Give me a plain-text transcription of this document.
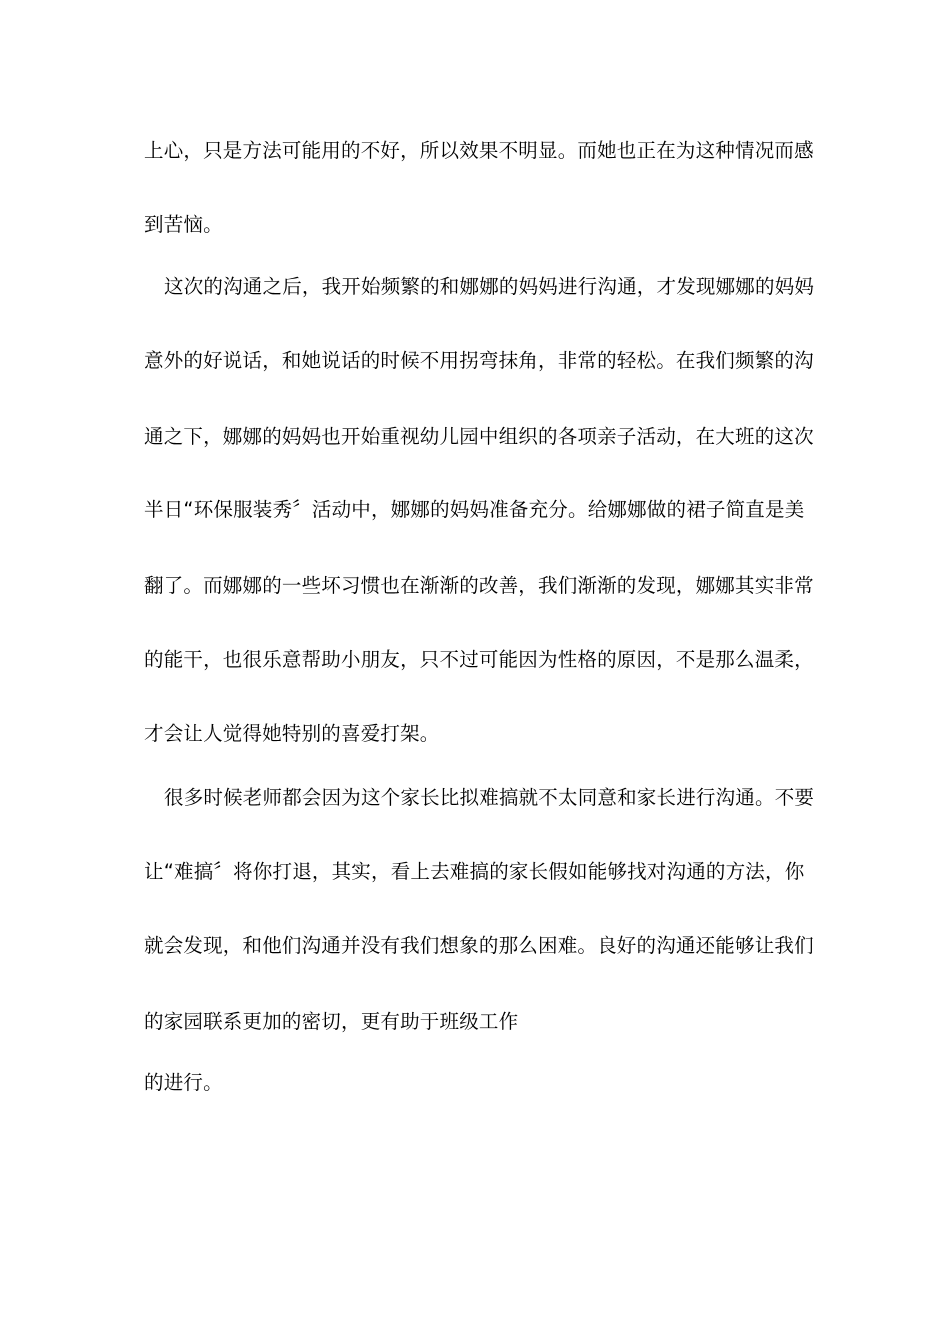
上心，只是方法可能用的不好，所以效果不明显。而她也正在为这种情况而感
到苦恼。
这次的沟通之后，我开始频繁的和娜娜的妈妈进行沟通，才发现娜娜的妈妈
意外的好说话，和她说话的时候不用拐弯抹角，非常的轻松。在我们频繁的沟
通之下，娜娜的妈妈也开始重视幼儿园中组织的各项亲子活动，在大班的这次
半日“环保服装秀〞活动中，娜娜的妈妈准备充分。给娜娜做的裙子简直是美
翻了。而娜娜的一些坏习惯也在渐渐的改善，我们渐渐的发现，娜娜其实非常
的能干，也很乐意帮助小朋友，只不过可能因为性格的原因，不是那么温柔，
才会让人觉得她特别的喜爱打架。
很多时候老师都会因为这个家长比拟难搞就不太同意和家长进行沟通。不要
让“难搞〞将你打退，其实，看上去难搞的家长假如能够找对沟通的方法，你
就会发现，和他们沟通并没有我们想象的那么困难。良好的沟通还能够让我们
的家园联系更加的密切，更有助于班级工作
的进行。
